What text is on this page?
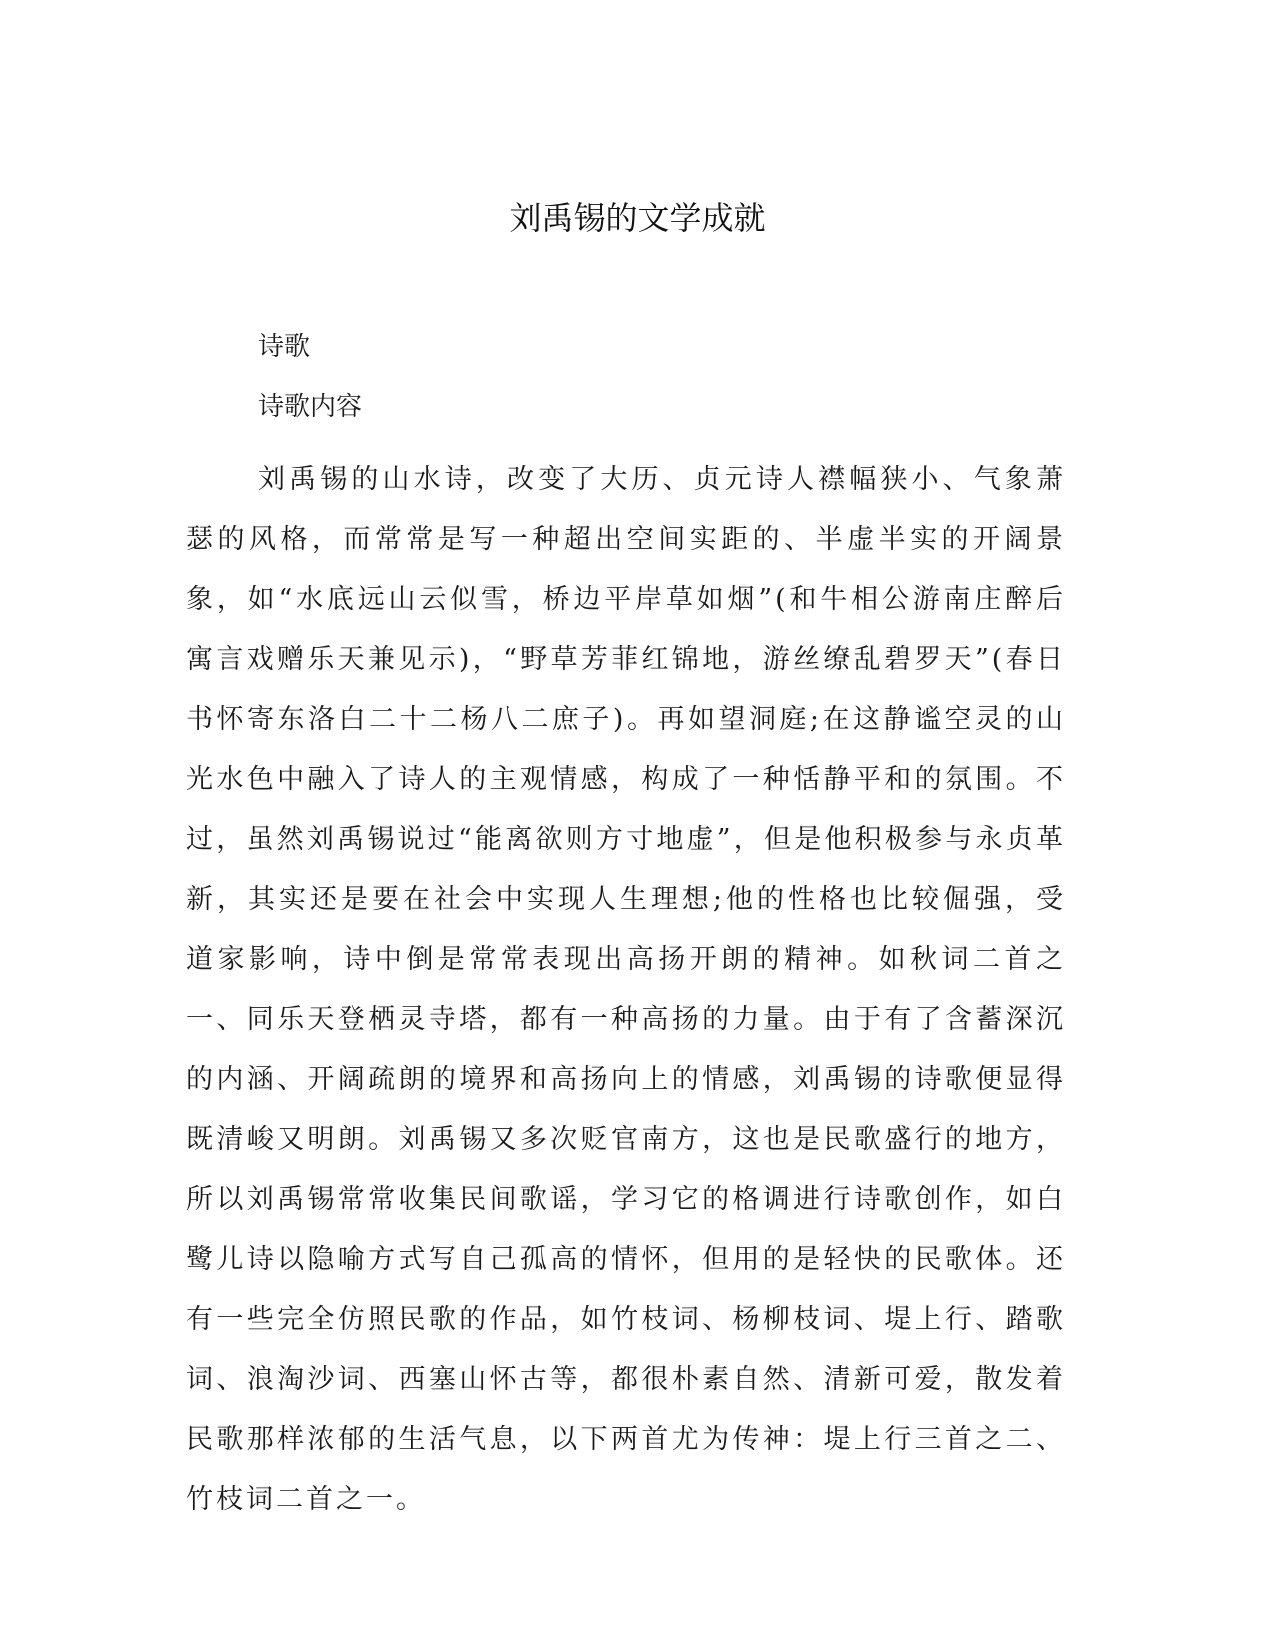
刘禹锡的文学成就

诗歌

诗歌内容

刘禹锡的山水诗，改变了大历、贞元诗人襟幅狭小、气象萧瑟的风格，而常常是写一种超出空间实距的、半虚半实的开阔景象，如“水底远山云似雪，桥边平岸草如烟”(和牛相公游南庄醉后寓言戏赠乐天兼见示)，“野草芳菲红锦地，游丝缭乱碧罗天”(春日书怀寄东洛白二十二杨八二庶子)。再如望洞庭;在这静谧空灵的山光水色中融入了诗人的主观情感，构成了一种恬静平和的氛围。不过，虽然刘禹锡说过“能离欲则方寸地虚”，但是他积极参与永贞革新，其实还是要在社会中实现人生理想;他的性格也比较倔强，受道家影响，诗中倒是常常表现出高扬开朗的精神。如秋词二首之一、同乐天登栖灵寺塔，都有一种高扬的力量。由于有了含蓄深沉的内涵、开阔疏朗的境界和高扬向上的情感，刘禹锡的诗歌便显得既清峻又明朗。刘禹锡又多次贬官南方，这也是民歌盛行的地方，所以刘禹锡常常收集民间歌谣，学习它的格调进行诗歌创作，如白鹭儿诗以隐喻方式写自己孤高的情怀，但用的是轻快的民歌体。还有一些完全仿照民歌的作品，如竹枝词、杨柳枝词、堤上行、踏歌词、浪淘沙词、西塞山怀古等，都很朴素自然、清新可爱，散发着民歌那样浓郁的生活气息，以下两首尤为传神：堤上行三首之二、竹枝词二首之一。
